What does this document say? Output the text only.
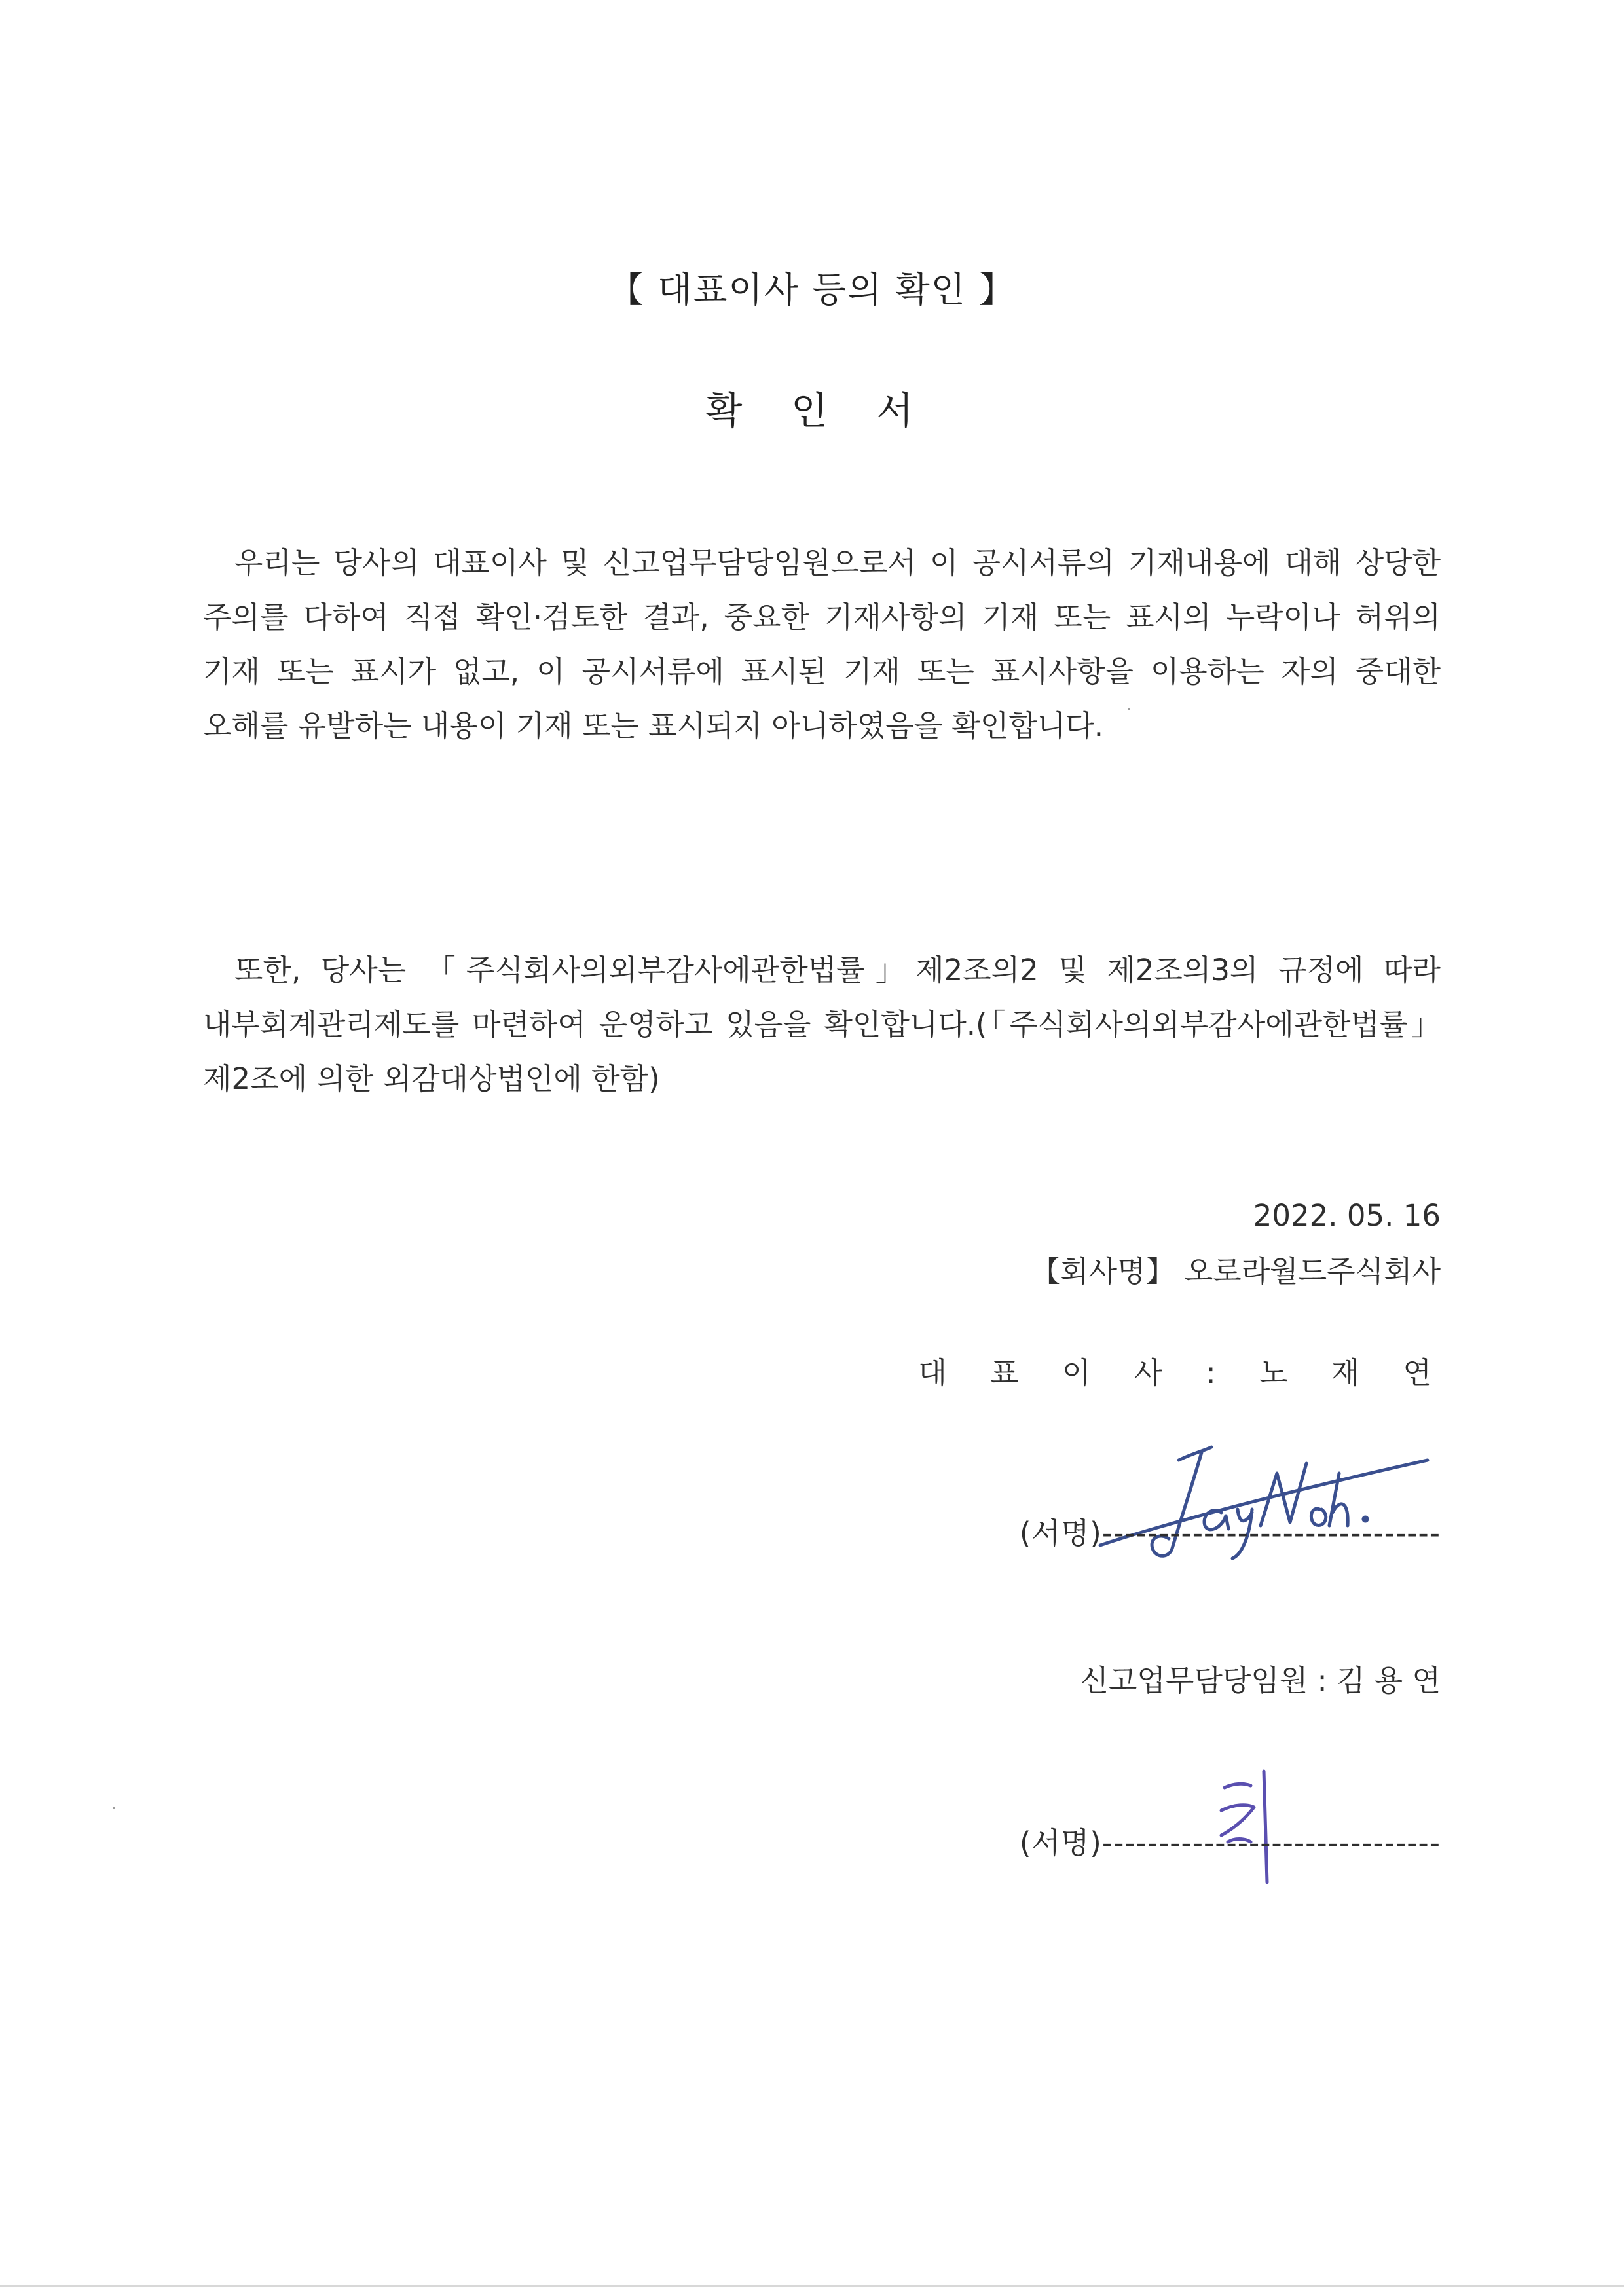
【 대표이사 등의 확인 】
확 인 서
우리는 당사의 대표이사 및 신고업무담당임원으로서 이 공시서류의 기재내용에 대해 상당한 주의를 다하여 직접 확인·검토한 결과, 중요한 기재사항의 기재 또는 표시의 누락이나 허위의 기재 또는 표시가 없고, 이 공시서류에 표시된 기재 또는 표시사항을 이용하는 자의 중대한 오해를 유발하는 내용이 기재 또는 표시되지 아니하였음을 확인합니다.
또한, 당사는 「주식회사의외부감사에관한법률」제2조의2 및 제2조의3의 규정에 따라 내부회계관리제도를 마련하여 운영하고 있음을 확인합니다.(「주식회사의외부감사에관한법률」제2조에 의한 외감대상법인에 한함)
2022. 05. 16
【회사명】 오로라월드주식회사
대 표 이 사 : 노 재 연
(서명)------------------------------
신고업무담당임원 : 김 용 연
(서명)------------------------------
